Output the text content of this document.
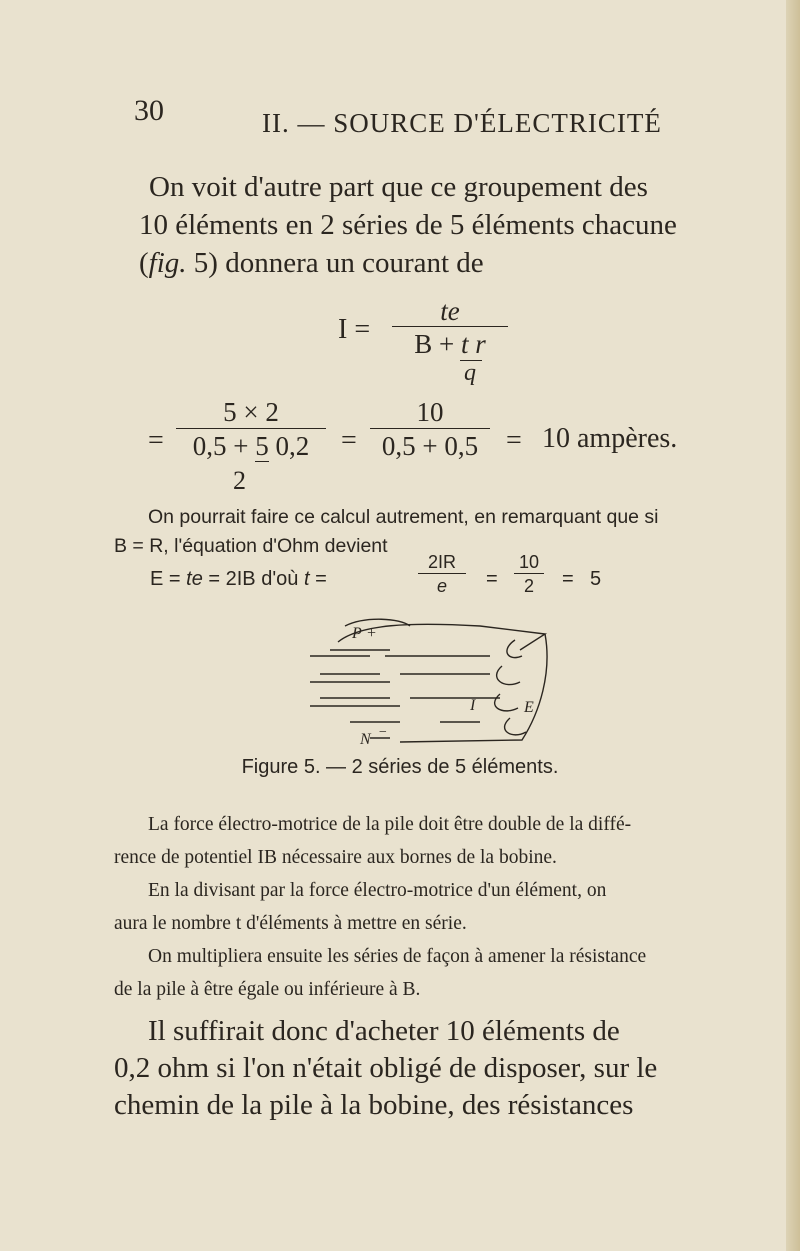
30	II. — SOURCE D'ÉLECTRICITÉ
On voit d'autre part que ce groupement des
10 éléments en 2 séries de 5 éléments chacune
(fig. 5) donnera un courant de
$I = \frac{te}{\text{B + t r}}$
q
= $\frac{5 \times 2}{0,5 + 5 0,2}$
2
= $\frac{10}{0,5 + 0,5} = 10$ ampères.
On pourrait faire ce calcul autrement, en remarquant que si
B = R, l'équation d'Ohm devient
E = te = 2IB d'où t =	$\frac{2IR}{e} = \frac{10}{2} = 5$
P +
I	E
N −
Figure 5. — 2 séries de 5 éléments.
La force électro-motrice de la pile doit être double de la diffé-
rence de potentiel IB nécessaire aux bornes de la bobine.
En la divisant par la force électro-motrice d'un élément, on
aura le nombre t d'éléments à mettre en série.
On multipliera ensuite les séries de façon à amener la résistance
de la pile à être égale ou inférieure à B.
Il suffirait donc d'acheter 10 éléments de
0,2 ohm si l'on n'était obligé de disposer, sur le
chemin de la pile à la bobine, des résistances
